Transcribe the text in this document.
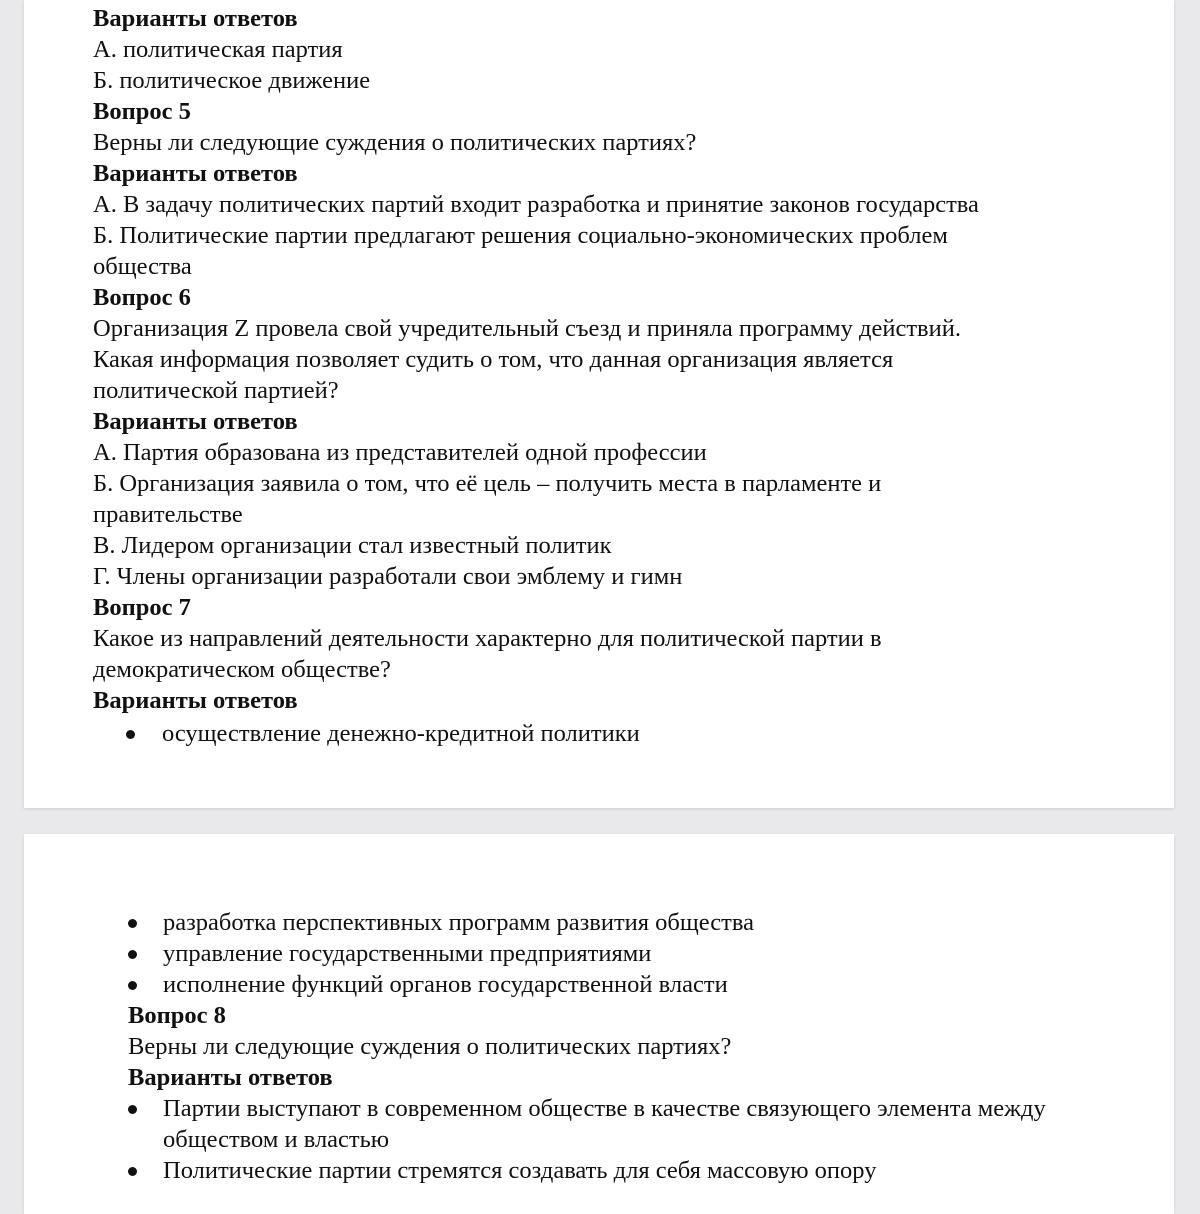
Варианты ответов
А. политическая партия
Б. политическое движение
Вопрос 5
Верны ли следующие суждения о политических партиях?
Варианты ответов
А. В задачу политических партий входит разработка и принятие законов государства
Б. Политические партии предлагают решения социально-экономических проблем
общества
Вопрос 6
Организация Z провела свой учредительный съезд и приняла программу действий.
Какая информация позволяет судить о том, что данная организация является
политической партией?
Варианты ответов
А. Партия образована из представителей одной профессии
Б. Организация заявила о том, что её цель – получить места в парламенте и
правительстве
В. Лидером организации стал известный политик
Г. Члены организации разработали свои эмблему и гимн
Вопрос 7
Какое из направлений деятельности характерно для политической партии в
демократическом обществе?
Варианты ответов
осуществление денежно-кредитной политики
разработка перспективных программ развития общества
управление государственными предприятиями
исполнение функций органов государственной власти
Вопрос 8
Верны ли следующие суждения о политических партиях?
Варианты ответов
Партии выступают в современном обществе в качестве связующего элемента между обществом и властью
Политические партии стремятся создавать для себя массовую опору
